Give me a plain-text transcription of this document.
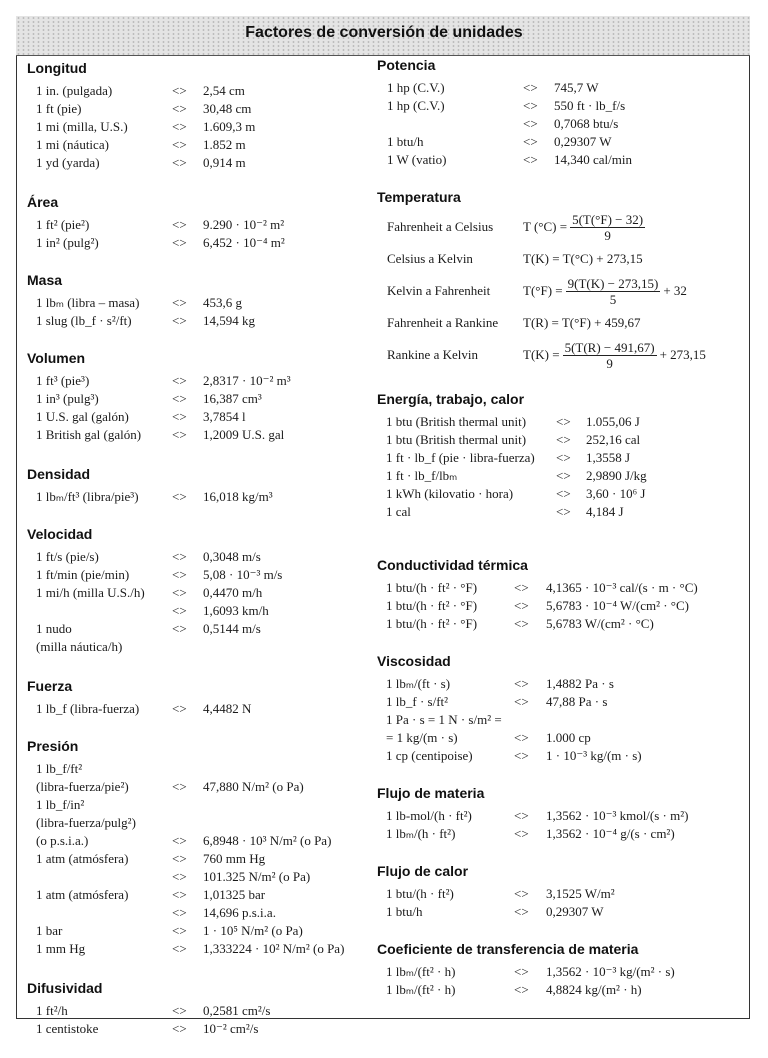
Factores de conversión de unidades
Longitud
1 in. (pulgada)	<>	2,54 cm
1 ft (pie)	<>	30,48 cm
1 mi (milla, U.S.)	<>	1.609,3 m
1 mi (náutica)	<>	1.852 m
1 yd (yarda)	<>	0,914 m
Área
1 ft² (pie²)	<>	9.290 · 10⁻² m²
1 in² (pulg²)	<>	6,452 · 10⁻⁴ m²
Masa
1 lbₘ (libra – masa)	<>	453,6 g
1 slug (lb_f · s²/ft)	<>	14,594 kg
Volumen
1 ft³ (pie³)	<>	2,8317 · 10⁻² m³
1 in³ (pulg³)	<>	16,387 cm³
1 U.S. gal (galón)	<>	3,7854 l
1 British gal (galón)	<>	1,2009 U.S. gal
Densidad
1 lbₘ/ft³ (libra/pie³)	<>	16,018 kg/m³
Velocidad
1 ft/s (pie/s)	<>	0,3048 m/s
1 ft/min (pie/min)	<>	5,08 · 10⁻³ m/s
1 mi/h (milla U.S./h)	<>	0,4470 m/h
<>	1,6093 km/h
1 nudo	<>	0,5144 m/s
(milla náutica/h)
Fuerza
1 lb_f (libra-fuerza)	<>	4,4482 N
Presión
1 lb_f/ft²
(libra-fuerza/pie²)	<>	47,880 N/m² (o Pa)
1 lb_f/in²
(libra-fuerza/pulg²)
(o p.s.i.a.)	<>	6,8948 · 10³ N/m² (o Pa)
1 atm (atmósfera)	<>	760 mm Hg
<>	101.325 N/m² (o Pa)
1 atm (atmósfera)	<>	1,01325 bar
<>	14,696 p.s.i.a.
1 bar	<>	1 · 10⁵ N/m² (o Pa)
1 mm Hg	<>	1,333224 · 10² N/m² (o Pa)
Difusividad
1 ft²/h	<>	0,2581 cm²/s
1 centistoke	<>	10⁻² cm²/s
Potencia
1 hp (C.V.)	<>	745,7 W
1 hp (C.V.)	<>	550 ft · lb_f/s
<>	0,7068 btu/s
1 btu/h	<>	0,29307 W
1 W (vatio)	<>	14,340 cal/min
Temperatura
Fahrenheit a Celsius	T $(^\circ C) = \frac{5(T(^\circ F) - 32)}{9}$
Celsius a Kelvin	T(K) = T(°C) + 273,15
Kelvin a Fahrenheit	$T(^\circ F) = \frac{9(T(K) - 273,15)}{5} + 32$
Fahrenheit a Rankine	T(R) = T(°F) + 459,67
Rankine a Kelvin	$T(K) = \frac{5(T(R) - 491,67)}{9} + 273,15$
Energía, trabajo, calor
1 btu (British thermal unit)	<>	1.055,06 J
1 btu (British thermal unit)	<>	252,16 cal
1 ft · lb_f (pie · libra-fuerza)	<>	1,3558 J
1 ft · lb_f/lbₘ	<>	2,9890 J/kg
1 kWh (kilovatio · hora)	<>	3,60 · 10⁶ J
1 cal	<>	4,184 J
Conductividad térmica
1 btu/(h · ft² · °F)	<>	4,1365 · 10⁻³ cal/(s · m · °C)
1 btu/(h · ft² · °F)	<>	5,6783 · 10⁻⁴ W/(cm² · °C)
1 btu/(h · ft² · °F)	<>	5,6783 W/(cm² · °C)
Viscosidad
1 lbₘ/(ft · s)	<>	1,4882 Pa · s
1 lb_f · s/ft²	<>	47,88 Pa · s
1 Pa · s = 1 N · s/m² =
= 1 kg/(m · s)	<>	1.000 cp
1 cp (centipoise)	<>	1 · 10⁻³ kg/(m · s)
Flujo de materia
1 lb-mol/(h · ft²)	<>	1,3562 · 10⁻³ kmol/(s · m²)
1 lbₘ/(h · ft²)	<>	1,3562 · 10⁻⁴ g/(s · cm²)
Flujo de calor
1 btu/(h · ft²)	<>	3,1525 W/m²
1 btu/h	<>	0,29307 W
Coeficiente de transferencia de materia
1 lbₘ/(ft² · h)	<>	1,3562 · 10⁻³ kg/(m² · s)
1 lbₘ/(ft² · h)	<>	4,8824 kg/(m² · h)
